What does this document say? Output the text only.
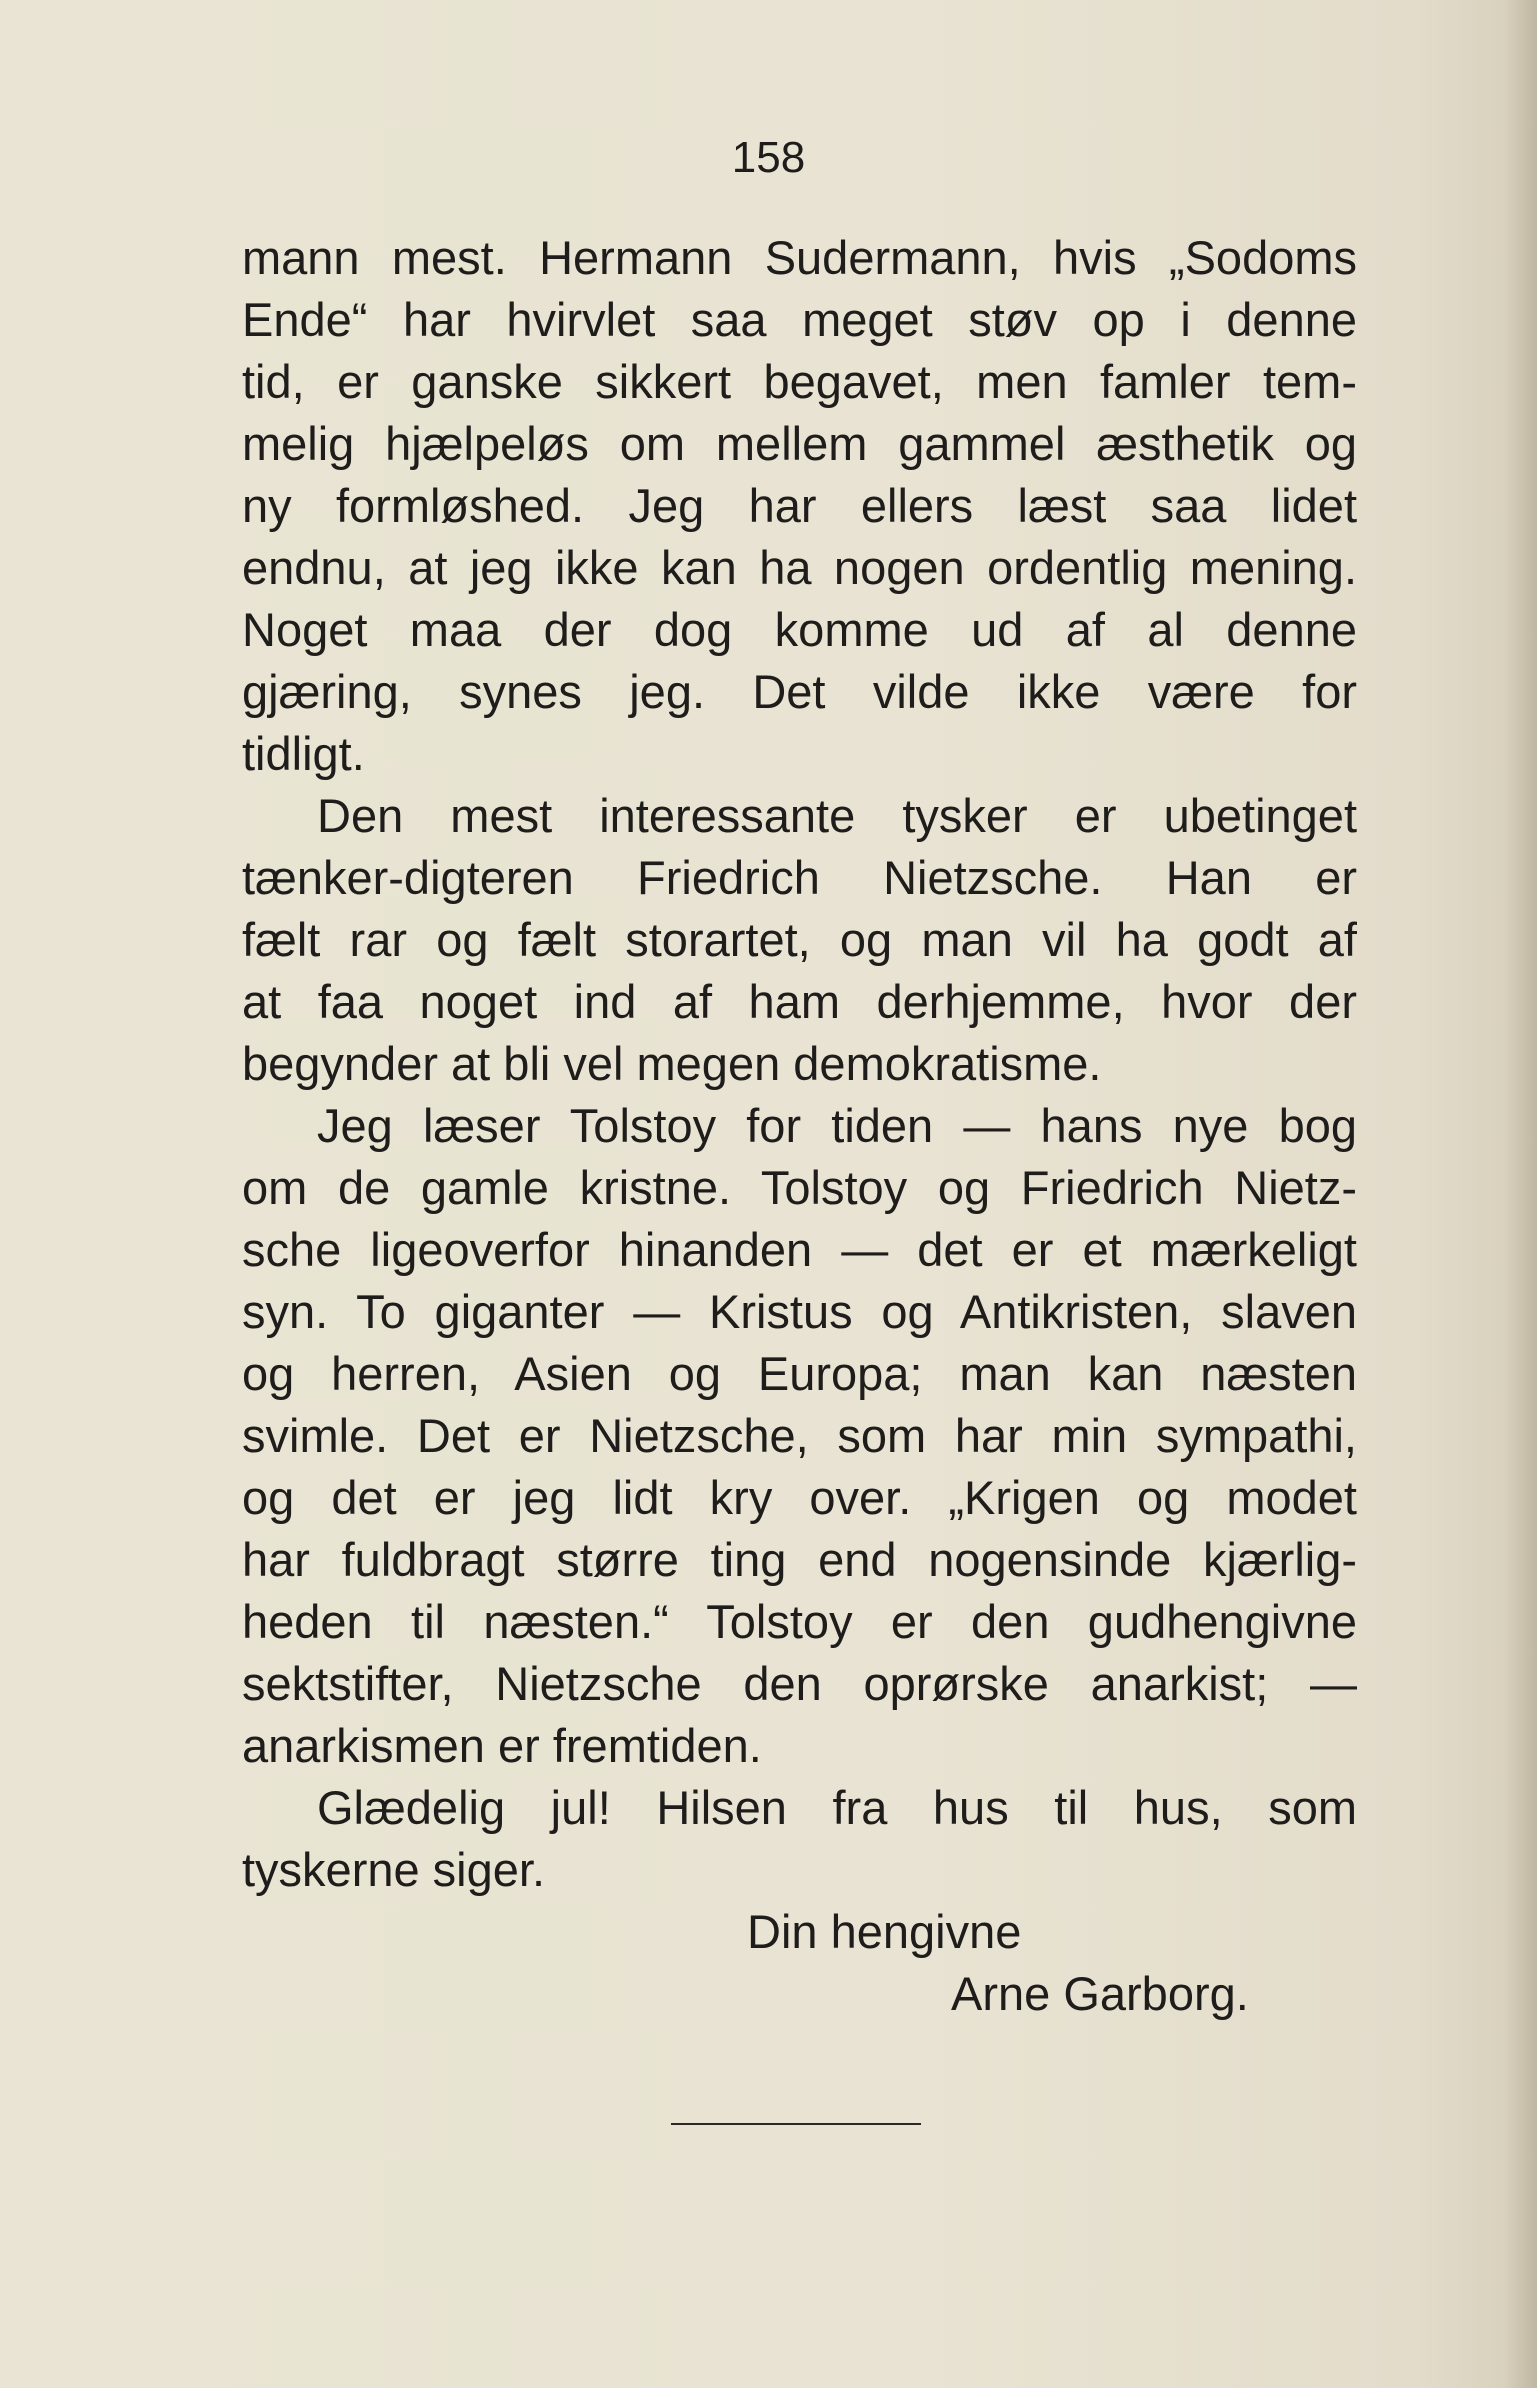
158
mann mest. Hermann Sudermann, hvis „Sodoms
Ende“ har hvirvlet saa meget støv op i denne
tid, er ganske sikkert begavet, men famler tem-
melig hjælpeløs om mellem gammel æsthetik og
ny formløshed. Jeg har ellers læst saa lidet
endnu, at jeg ikke kan ha nogen ordentlig mening.
Noget maa der dog komme ud af al denne
gjæring, synes jeg. Det vilde ikke være for
tidligt.
Den mest interessante tysker er ubetinget
tænker-digteren Friedrich Nietzsche. Han er
fælt rar og fælt storartet, og man vil ha godt af
at faa noget ind af ham derhjemme, hvor der
begynder at bli vel megen demokratisme.
Jeg læser Tolstoy for tiden — hans nye bog
om de gamle kristne. Tolstoy og Friedrich Nietz-
sche ligeoverfor hinanden — det er et mærkeligt
syn. To giganter — Kristus og Antikristen, slaven
og herren, Asien og Europa; man kan næsten
svimle. Det er Nietzsche, som har min sympathi,
og det er jeg lidt kry over. „Krigen og modet
har fuldbragt større ting end nogensinde kjærlig-
heden til næsten.“ Tolstoy er den gudhengivne
sektstifter, Nietzsche den oprørske anarkist; —
anarkismen er fremtiden.
Glædelig jul! Hilsen fra hus til hus, som
tyskerne siger.
Din hengivne
Arne Garborg.
